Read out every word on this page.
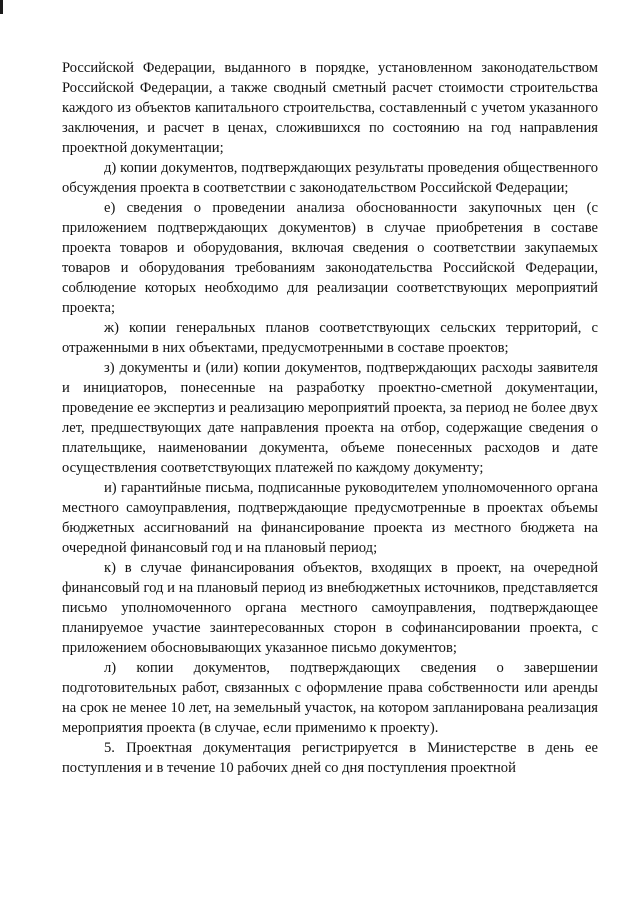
Российской Федерации, выданного в порядке, установленном законодательством Российской Федерации, а также сводный сметный расчет стоимости строительства каждого из объектов капитального строительства, составленный с учетом указанного заключения, и расчет в ценах, сложившихся по состоянию на год направления проектной документации;

д) копии документов, подтверждающих результаты проведения общественного обсуждения проекта в соответствии с законодательством Российской Федерации;

е) сведения о проведении анализа обоснованности закупочных цен (с приложением подтверждающих документов) в случае приобретения в составе проекта товаров и оборудования, включая сведения о соответствии закупаемых товаров и оборудования требованиям законодательства Российской Федерации, соблюдение которых необходимо для реализации соответствующих мероприятий проекта;

ж) копии генеральных планов соответствующих сельских территорий, с отраженными в них объектами, предусмотренными в составе проектов;

з) документы и (или) копии документов, подтверждающих расходы заявителя и инициаторов, понесенные на разработку проектно-сметной документации, проведение ее экспертиз и реализацию мероприятий проекта, за период не более двух лет, предшествующих дате направления проекта на отбор, содержащие сведения о плательщике, наименовании документа, объеме понесенных расходов и дате осуществления соответствующих платежей по каждому документу;

и) гарантийные письма, подписанные руководителем уполномоченного органа местного самоуправления, подтверждающие предусмотренные в проектах объемы бюджетных ассигнований на финансирование проекта из местного бюджета на очередной финансовый год и на плановый период;

к) в случае финансирования объектов, входящих в проект, на очередной финансовый год и на плановый период из внебюджетных источников, представляется письмо уполномоченного органа местного самоуправления, подтверждающее планируемое участие заинтересованных сторон в софинансировании проекта, с приложением обосновывающих указанное письмо документов;

л) копии документов, подтверждающих сведения о завершении подготовительных работ, связанных с оформление права собственности или аренды на срок не менее 10 лет, на земельный участок, на котором запланирована реализация мероприятия проекта (в случае, если применимо к проекту).

5. Проектная документация регистрируется в Министерстве в день ее поступления и в течение 10 рабочих дней со дня поступления проектной
